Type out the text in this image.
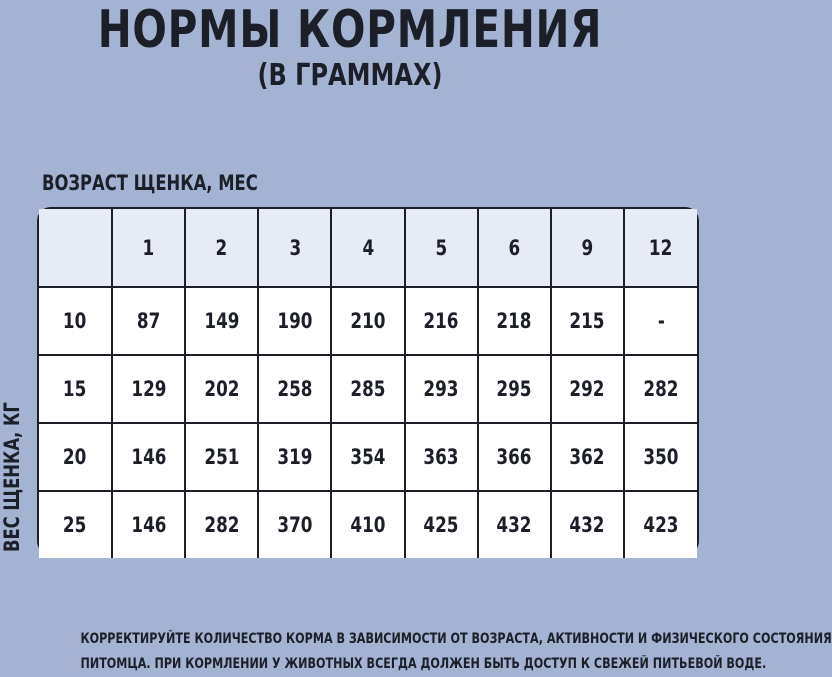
НОРМЫ КОРМЛЕНИЯ
(В ГРАММАХ)
ВОЗРАСТ ЩЕНКА, МЕС
ВЕС ЩЕНКА, КГ
	1	2	3	4	5	6	9	12
10	87	149	190	210	216	218	215	-
15	129	202	258	285	293	295	292	282
20	146	251	319	354	363	366	362	350
25	146	282	370	410	425	432	432	423
КОРРЕКТИРУЙТЕ КОЛИЧЕСТВО КОРМА В ЗАВИСИМОСТИ ОТ ВОЗРАСТА, АКТИВНОСТИ И ФИЗИЧЕСКОГО СОСТОЯНИЯ
ПИТОМЦА. ПРИ КОРМЛЕНИИ У ЖИВОТНЫХ ВСЕГДА ДОЛЖЕН БЫТЬ ДОСТУП К СВЕЖЕЙ ПИТЬЕВОЙ ВОДЕ.
